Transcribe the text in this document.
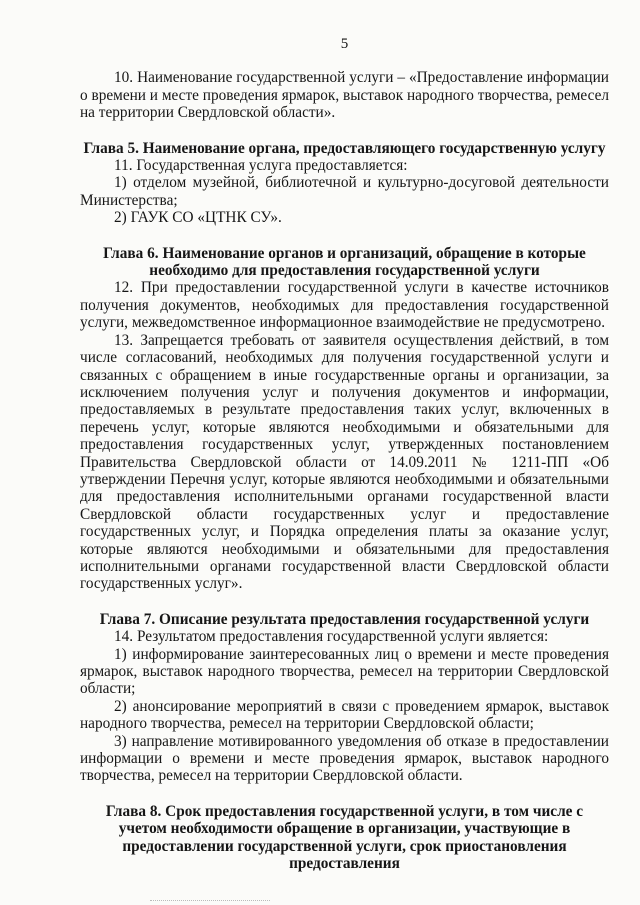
5

10. Наименование государственной услуги – «Предоставление информации о времени и месте проведения ярмарок, выставок народного творчества, ремесел на территории Свердловской области».

Глава 5. Наименование органа, предоставляющего государственную услугу

11. Государственная услуга предоставляется:

1) отделом музейной, библиотечной и культурно-досуговой деятельности Министерства;

2) ГАУК СО «ЦТНК СУ».

Глава 6. Наименование органов и организаций, обращение в которые необходимо для предоставления государственной услуги

12. При предоставлении государственной услуги в качестве источников получения документов, необходимых для предоставления государственной услуги, межведомственное информационное взаимодействие не предусмотрено.

13. Запрещается требовать от заявителя осуществления действий, в том числе согласований, необходимых для получения государственной услуги и связанных с обращением в иные государственные органы и организации, за исключением получения услуг и получения документов и информации, предоставляемых в результате предоставления таких услуг, включенных в перечень услуг, которые являются необходимыми и обязательными для предоставления государственных услуг, утвержденных постановлением Правительства Свердловской области от 14.09.2011 № 1211-ПП «Об утверждении Перечня услуг, которые являются необходимыми и обязательными для предоставления исполнительными органами государственной власти Свердловской области государственных услуг и предоставление государственных услуг, и Порядка определения платы за оказание услуг, которые являются необходимыми и обязательными для предоставления исполнительными органами государственной власти Свердловской области государственных услуг».

Глава 7. Описание результата предоставления государственной услуги

14. Результатом предоставления государственной услуги является:

1) информирование заинтересованных лиц о времени и месте проведения ярмарок, выставок народного творчества, ремесел на территории Свердловской области;

2) анонсирование мероприятий в связи с проведением ярмарок, выставок народного творчества, ремесел на территории Свердловской области;

3) направление мотивированного уведомления об отказе в предоставлении информации о времени и месте проведения ярмарок, выставок народного творчества, ремесел на территории Свердловской области.

Глава 8. Срок предоставления государственной услуги, в том числе с учетом необходимости обращение в организации, участвующие в предоставлении государственной услуги, срок приостановления предоставления
